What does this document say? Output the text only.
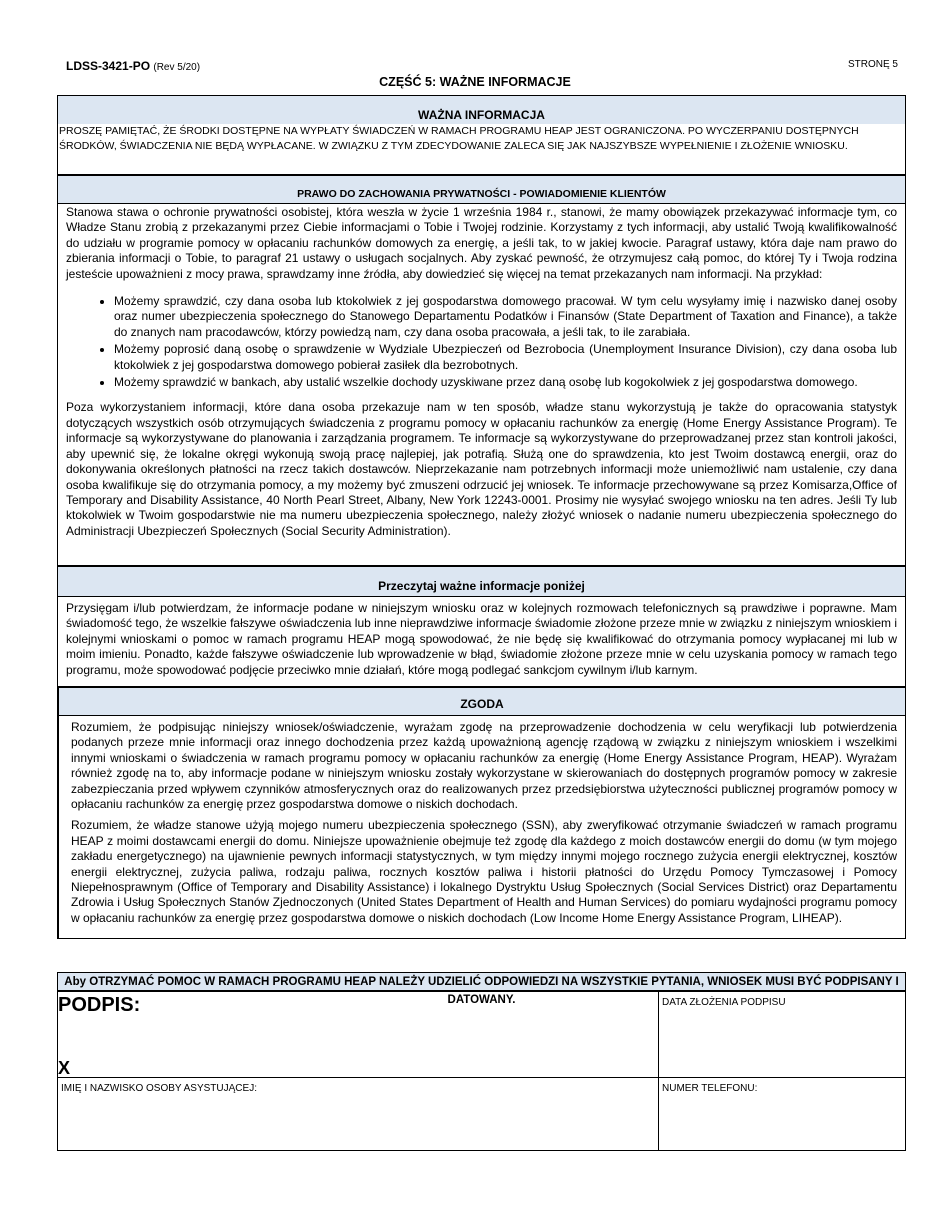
LDSS-3421-PO (Rev 5/20)	STRONĘ 5
CZĘŚĆ 5: WAŻNE INFORMACJE
WAŻNA INFORMACJA
PROSZĘ PAMIĘTAĆ, ŻE ŚRODKI DOSTĘPNE NA WYPŁATY ŚWIADCZEŃ W RAMACH PROGRAMU HEAP JEST OGRANICZONA. PO WYCZERPANIU DOSTĘPNYCH ŚRODKÓW, ŚWIADCZENIA NIE BĘDĄ WYPŁACANE. W ZWIĄZKU Z TYM ZDECYDOWANIE ZALECA SIĘ JAK NAJSZYBSZE WYPEŁNIENIE I ZŁOŻENIE WNIOSKU.
PRAWO DO ZACHOWANIA PRYWATNOŚCI - POWIADOMIENIE KLIENTÓW

Stanowa stawa o ochronie prywatności osobistej, która weszła w życie 1 września 1984 r., stanowi, że mamy obowiązek przekazywać informacje tym, co Władze Stanu zrobią z przekazanymi przez Ciebie informacjami o Tobie i Twojej rodzinie. Korzystamy z tych informacji, aby ustalić Twoją kwalifikowalność do udziału w programie pomocy w opłacaniu rachunków domowych za energię, a jeśli tak, to w jakiej kwocie. Paragraf ustawy, która daje nam prawo do zbierania informacji o Tobie, to paragraf 21 ustawy o usługach socjalnych. Aby zyskać pewność, że otrzymujesz całą pomoc, do której Ty i Twoja rodzina jesteście upoważnieni z mocy prawa, sprawdzamy inne źródła, aby dowiedzieć się więcej na temat przekazanych nam informacji. Na przykład:

• Możemy sprawdzić, czy dana osoba lub ktokolwiek z jej gospodarstwa domowego pracował. W tym celu wysyłamy imię i nazwisko danej osoby oraz numer ubezpieczenia społecznego do Stanowego Departamentu Podatków i Finansów (State Department of Taxation and Finance), a także do znanych nam pracodawców, którzy powiedzą nam, czy dana osoba pracowała, a jeśli tak, to ile zarabiała.
• Możemy poprosić daną osobę o sprawdzenie w Wydziale Ubezpieczeń od Bezrobocia (Unemployment Insurance Division), czy dana osoba lub ktokolwiek z jej gospodarstwa domowego pobierał zasiłek dla bezrobotnych.
• Możemy sprawdzić w bankach, aby ustalić wszelkie dochody uzyskiwane przez daną osobę lub kogokolwiek z jej gospodarstwa domowego.

Poza wykorzystaniem informacji, które dana osoba przekazuje nam w ten sposób, władze stanu wykorzystują je także do opracowania statystyk dotyczących wszystkich osób otrzymujących świadczenia z programu pomocy w opłacaniu rachunków za energię (Home Energy Assistance Program). Te informacje są wykorzystywane do planowania i zarządzania programem. Te informacje są wykorzystywane do przeprowadzanej przez stan kontroli jakości, aby upewnić się, że lokalne okręgi wykonują swoją pracę najlepiej, jak potrafią. Służą one do sprawdzenia, kto jest Twoim dostawcą energii, oraz do dokonywania określonych płatności na rzecz takich dostawców. Nieprzekazanie nam potrzebnych informacji może uniemożliwić nam ustalenie, czy dana osoba kwalifikuje się do otrzymania pomocy, a my możemy być zmuszeni odrzucić jej wniosek. Te informacje przechowywane są przez Komisarza,Office of Temporary and Disability Assistance, 40 North Pearl Street, Albany, New York 12243-0001. Prosimy nie wysyłać swojego wniosku na ten adres. Jeśli Ty lub ktokolwiek w Twoim gospodarstwie nie ma numeru ubezpieczenia społecznego, należy złożyć wniosek o nadanie numeru ubezpieczenia społecznego do Administracji Ubezpieczeń Społecznych (Social Security Administration).

Przeczytaj ważne informacje poniżej
Przysięgam i/lub potwierdzam, że informacje podane w niniejszym wniosku oraz w kolejnych rozmowach telefonicznych są prawdziwe i poprawne. Mam świadomość tego, że wszelkie fałszywe oświadczenia lub inne nieprawdziwe informacje świadomie złożone przeze mnie w związku z niniejszym wnioskiem i kolejnymi wnioskami o pomoc w ramach programu HEAP mogą spowodować, że nie będę się kwalifikować do otrzymania pomocy wypłacanej mi lub w moim imieniu. Ponadto, każde fałszywe oświadczenie lub wprowadzenie w błąd, świadomie złożone przeze mnie w celu uzyskania pomocy w ramach tego programu, może spowodować podjęcie przeciwko mnie działań, które mogą podlegać sankcjom cywilnym i/lub karnym.
ZGODA

Rozumiem, że podpisując niniejszy wniosek/oświadczenie, wyrażam zgodę na przeprowadzenie dochodzenia w celu weryfikacji lub potwierdzenia podanych przeze mnie informacji oraz innego dochodzenia przez każdą upoważnioną agencję rządową w związku z niniejszym wnioskiem i wszelkimi innymi wnioskami o świadczenia w ramach programu pomocy w opłacaniu rachunków za energię (Home Energy Assistance Program, HEAP). Wyrażam również zgodę na to, aby informacje podane w niniejszym wniosku zostały wykorzystane w skierowaniach do dostępnych programów pomocy w zakresie zabezpieczania przed wpływem czynników atmosferycznych oraz do realizowanych przez przedsiębiorstwa użyteczności publicznej programów pomocy w opłacaniu rachunków za energię przez gospodarstwa domowe o niskich dochodach.

Rozumiem, że władze stanowe użyją mojego numeru ubezpieczenia społecznego (SSN), aby zweryfikować otrzymanie świadczeń w ramach programu HEAP z moimi dostawcami energii do domu. Niniejsze upoważnienie obejmuje też zgodę dla każdego z moich dostawców energii do domu (w tym mojego zakładu energetycznego) na ujawnienie pewnych informacji statystycznych, w tym między innymi mojego rocznego zużycia energii elektrycznej, kosztów energii elektrycznej, zużycia paliwa, rodzaju paliwa, rocznych kosztów paliwa i historii płatności do Urzędu Pomocy Tymczasowej i Pomocy Niepełnosprawnym (Office of Temporary and Disability Assistance) i lokalnego Dystryktu Usług Społecznych (Social Services District) oraz Departamentu Zdrowia i Usług Społecznych Stanów Zjednoczonych (United States Department of Health and Human Services) do pomiaru wydajności programu pomocy w opłacaniu rachunków za energię przez gospodarstwa domowe o niskich dochodach (Low Income Home Energy Assistance Program, LIHEAP).

Aby OTRZYMAĆ POMOC W RAMACH PROGRAMU HEAP NALEŻY UDZIELIĆ ODPOWIEDZI NA WSZYSTKIE PYTANIA, WNIOSEK MUSI BYĆ PODPISANY I DATOWANY.
PODPIS:
X
DATA ZŁOŻENIA PODPISU
IMIĘ I NAZWISKO OSOBY ASYSTUJĄCEJ:	NUMER TELEFONU:
